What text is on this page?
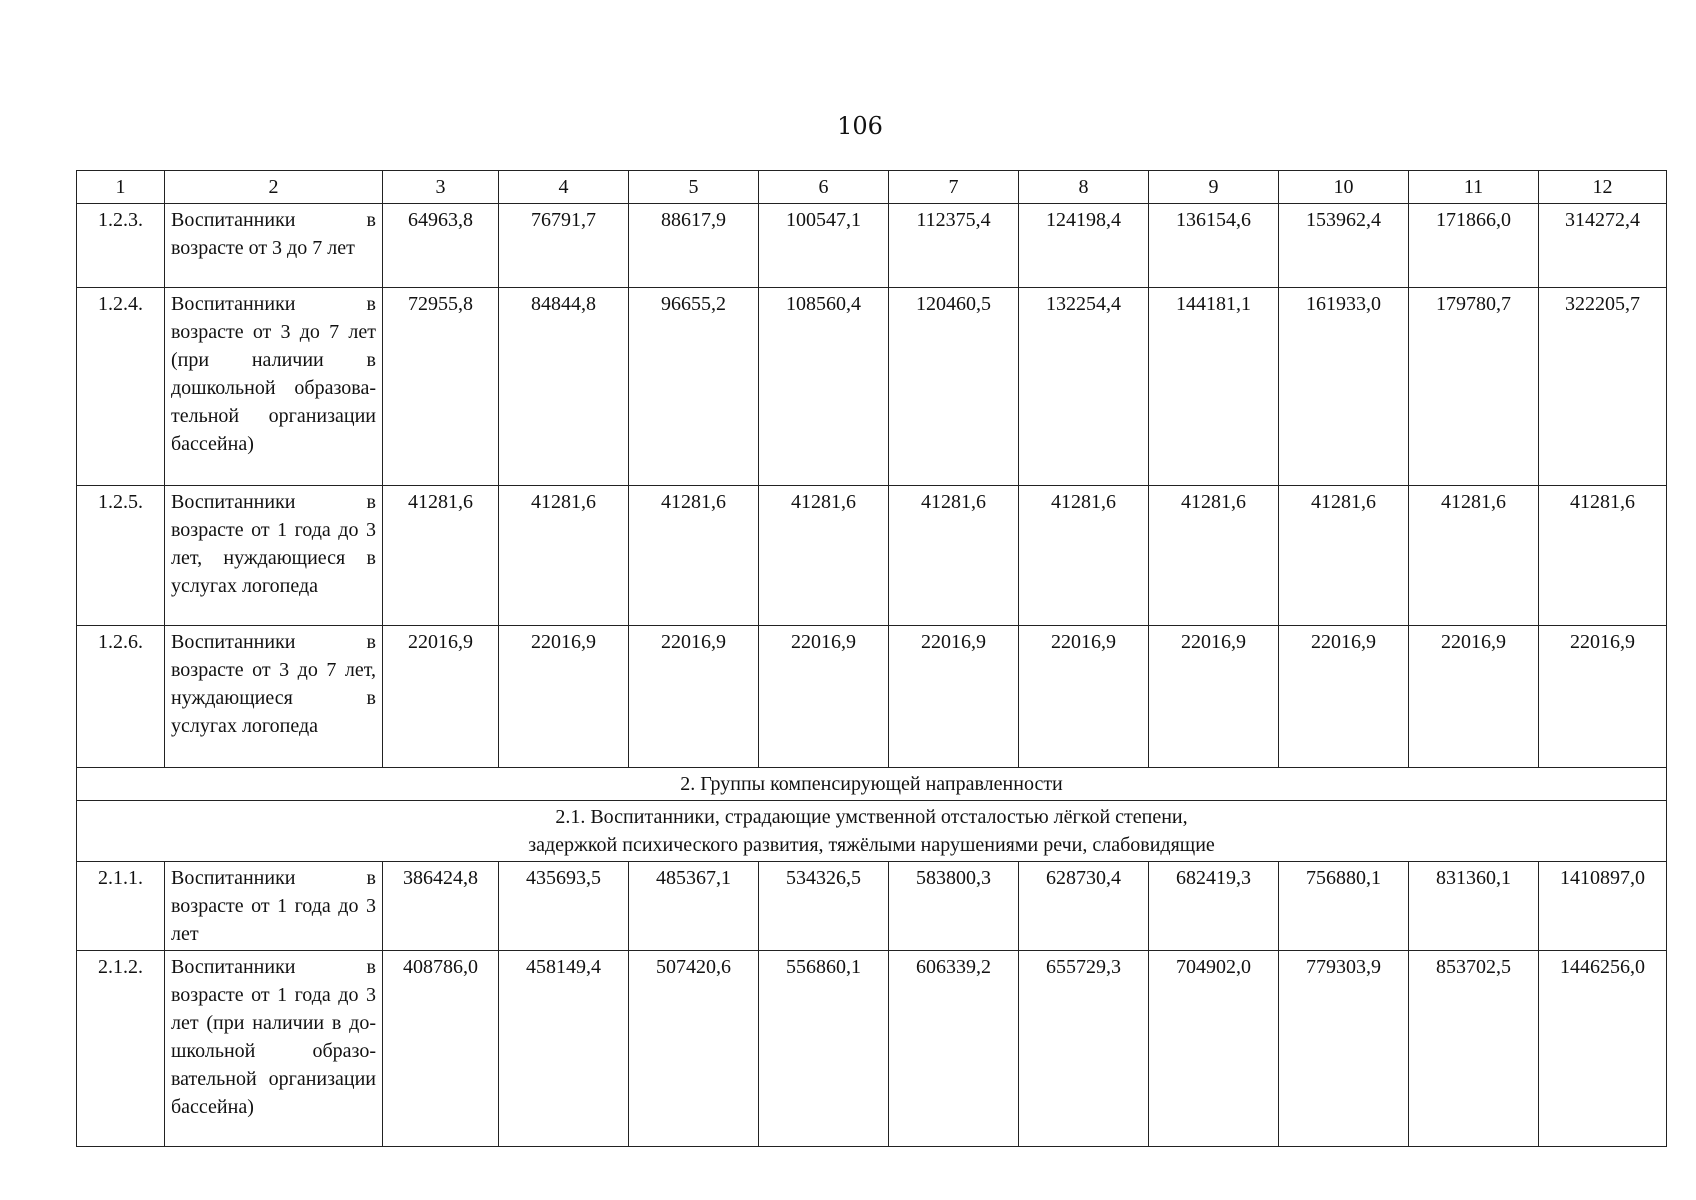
106
1	2	3	4	5	6	7	8	9	10	11	12
1.2.3.	Воспитанники в возрасте от 3 до 7 лет	64963,8	76791,7	88617,9	100547,1	112375,4	124198,4	136154,6	153962,4	171866,0	314272,4
1.2.4.	Воспитанники в возрасте от 3 до 7 лет (при наличии в дошкольной образовательной организации бассейна)	72955,8	84844,8	96655,2	108560,4	120460,5	132254,4	144181,1	161933,0	179780,7	322205,7
1.2.5.	Воспитанники в возрасте от 1 года до 3 лет, нуждающиеся в услугах логопеда	41281,6	41281,6	41281,6	41281,6	41281,6	41281,6	41281,6	41281,6	41281,6	41281,6
1.2.6.	Воспитанники в возрасте от 3 до 7 лет, нуждающиеся в услугах логопеда	22016,9	22016,9	22016,9	22016,9	22016,9	22016,9	22016,9	22016,9	22016,9	22016,9
2. Группы компенсирующей направленности											

2.1. Воспитанники, страдающие умственной отсталостью лёгкой степени,
задержкой психического развития, тяжёлыми нарушениями речи, слабовидящие											

2.1.1.	Воспитанники в возрасте от 1 года до 3 лет	386424,8	435693,5	485367,1	534326,5	583800,3	628730,4	682419,3	756880,1	831360,1	1410897,0
2.1.2.	Воспитанники в возрасте от 1 года до 3 лет (при наличии в дошкольной образовательной организации бассейна)	408786,0	458149,4	507420,6	556860,1	606339,2	655729,3	704902,0	779303,9	853702,5	1446256,0
